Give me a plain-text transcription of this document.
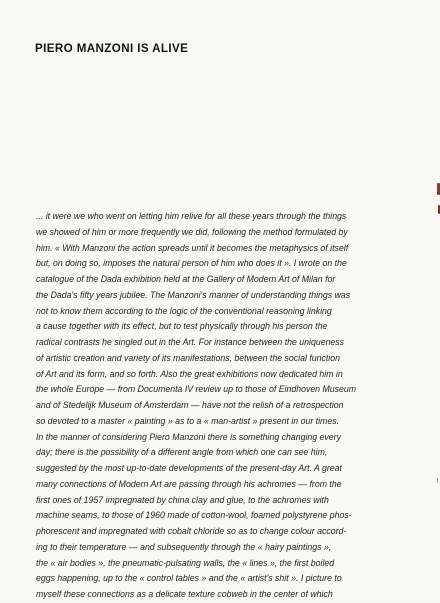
PIERO MANZONI IS ALIVE
... it were we who went on letting him relive for all these years through the things
we showed of him or more frequently we did, following the method formulated by
him. « With Manzoni the action spreads until it becomes the metaphysics of itself
but, on doing so, imposes the natural person of him who does it ». I wrote on the
catalogue of the Dada exhibition held at the Gallery of Modern Art of Milan for
the Dada's fifty years jubilee. The Manzoni's manner of understanding things was
not to know them according to the logic of the conventional reasoning linking
a cause together with its effect, but to test physically through his person the
radical contrasts he singled out in the Art. For instance between the uniqueness
of artistic creation and variety of its manifestations, between the social function
of Art and its form, and so forth. Also the great exhibitions now dedicated him in
the whole Europe — from Documenta IV review up to those of Eindhoven Museum
and of Stedelijk Museum of Amsterdam — have not the relish of a retrospection
so devoted to a master « painting » as to a « man-artist » present in our times.
In the manner of considering Piero Manzoni there is something changing every
day; there is the possibility of a different angle from which one can see him,
suggested by the most up-to-date developments of the present-day Art. A great
many connections of Modern Art are passing through his achromes — from the
first ones of 1957 impregnated by china clay and glue, to the achromes with
machine seams, to those of 1960 made of cotton-wool, foamed polystyrene phos-
phorescent and impregnated with cobalt chloride so as to change colour accord-
ing to their temperature — and subsequently through the « hairy paintings »,
the « air bodies », the pneumatic-pulsating walls, the « lines », the first boiled
eggs happening, up to the « control tables » and the « artist's shit ». I picture to
myself these connections as a delicate texture cobweb in the center of which
